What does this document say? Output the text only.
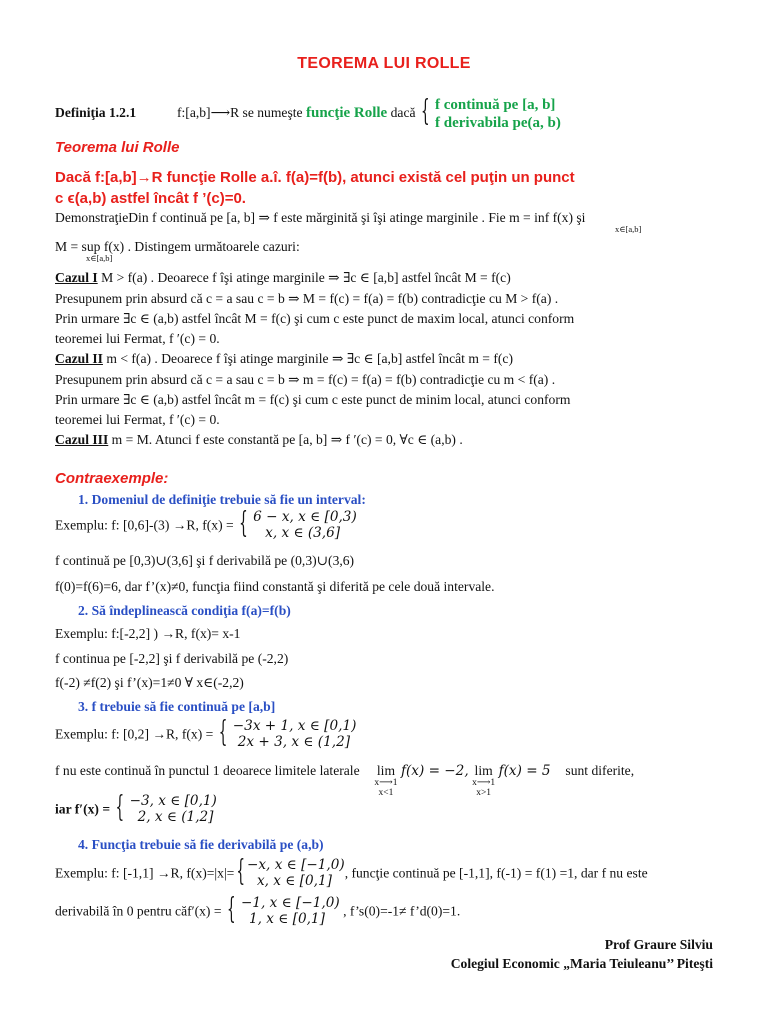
TEOREMA LUI ROLLE
Definiţia 1.2.1	f:[a,b]⟶R se numeşte funcţie Rolle dacă { f continuă pe [a, b]
f derivabila pe(a, b)
Teorema lui Rolle
Dacă f:[a,b]→R funcţie Rolle a.î. f(a)=f(b), atunci există cel puţin un punct
c ϵ(a,b) astfel încât f ’(c)=0.
DemonstraţieDin f continuă pe [a, b] ⇒ f este mărginită şi îşi atinge marginile . Fie m = inf f(x) şi
x∈[a,b]
M = sup f(x) . Distingem următoarele cazuri:
x∈[a,b]
Cazul I M > f(a) . Deoarece f îşi atinge marginile ⇒ ∃c ∈ [a,b] astfel încât M = f(c)
Presupunem prin absurd că c = a sau c = b ⇒ M = f(c) = f(a) = f(b) contradicţie cu M > f(a) .
Prin urmare ∃c ∈ (a,b) astfel încât M = f(c) şi cum c este punct de maxim local, atunci conform
teoremei lui Fermat, f ′(c) = 0.
Cazul II m < f(a) . Deoarece f îşi atinge marginile ⇒ ∃c ∈ [a,b] astfel încât m = f(c)
Presupunem prin absurd că c = a sau c = b ⇒ m = f(c) = f(a) = f(b) contradicţie cu m < f(a) .
Prin urmare ∃c ∈ (a,b) astfel încât m = f(c) şi cum c este punct de minim local, atunci conform
teoremei lui Fermat, f ′(c) = 0.
Cazul III m = M. Atunci f este constantă pe [a, b] ⇒ f ′(c) = 0, ∀c ∈ (a,b) .
Contraexemple:
1. Domeniul de definiţie trebuie să fie un interval:
Exemplu: f: [0,6]-(3) →R, f(x) = { 6 − x, x ∈ [0,3)
x, x ∈ (3,6]
f continuă pe [0,3)∪(3,6] şi f derivabilă pe (0,3)∪(3,6)
f(0)=f(6)=6, dar f’(x)≠0, funcţia fiind constantă şi diferită pe cele două intervale.
2. Să îndeplinească condiţia f(a)=f(b)
Exemplu: f:[-2,2] ) →R, f(x)= x-1
f continua pe [-2,2] şi f derivabilă pe (-2,2)
f(-2) ≠f(2) şi f’(x)=1≠0 ∀ x∈(-2,2)
3. f trebuie să fie continuă pe [a,b]
Exemplu: f: [0,2] →R, f(x) = { −3x + 1, x ∈ [0,1)
2x + 3, x ∈ (1,2]
f nu este continuă în punctul 1 deoarece limitele laterale lim
x⟶1
x<1
f(x) = −2, lim
x⟶1
x>1
f(x) = 5 sunt diferite,
iar f′(x) = { −3, x ∈ [0,1)
2, x ∈ (1,2]
4. Funcţia trebuie să fie derivabilă pe (a,b)
Exemplu: f: [-1,1] →R, f(x)=|x|= { −x, x ∈ [−1,0)
x, x ∈ [0,1]
, funcţie continuă pe [-1,1], f(-1) = f(1) =1, dar f nu este
derivabilă în 0 pentru căf′(x) = { −1, x ∈ [−1,0)
1, x ∈ [0,1]
, f’s(0)=-1≠ f’d(0)=1.
Prof Graure Silviu
Colegiul Economic „Maria Teiuleanu’’ Piteşti
